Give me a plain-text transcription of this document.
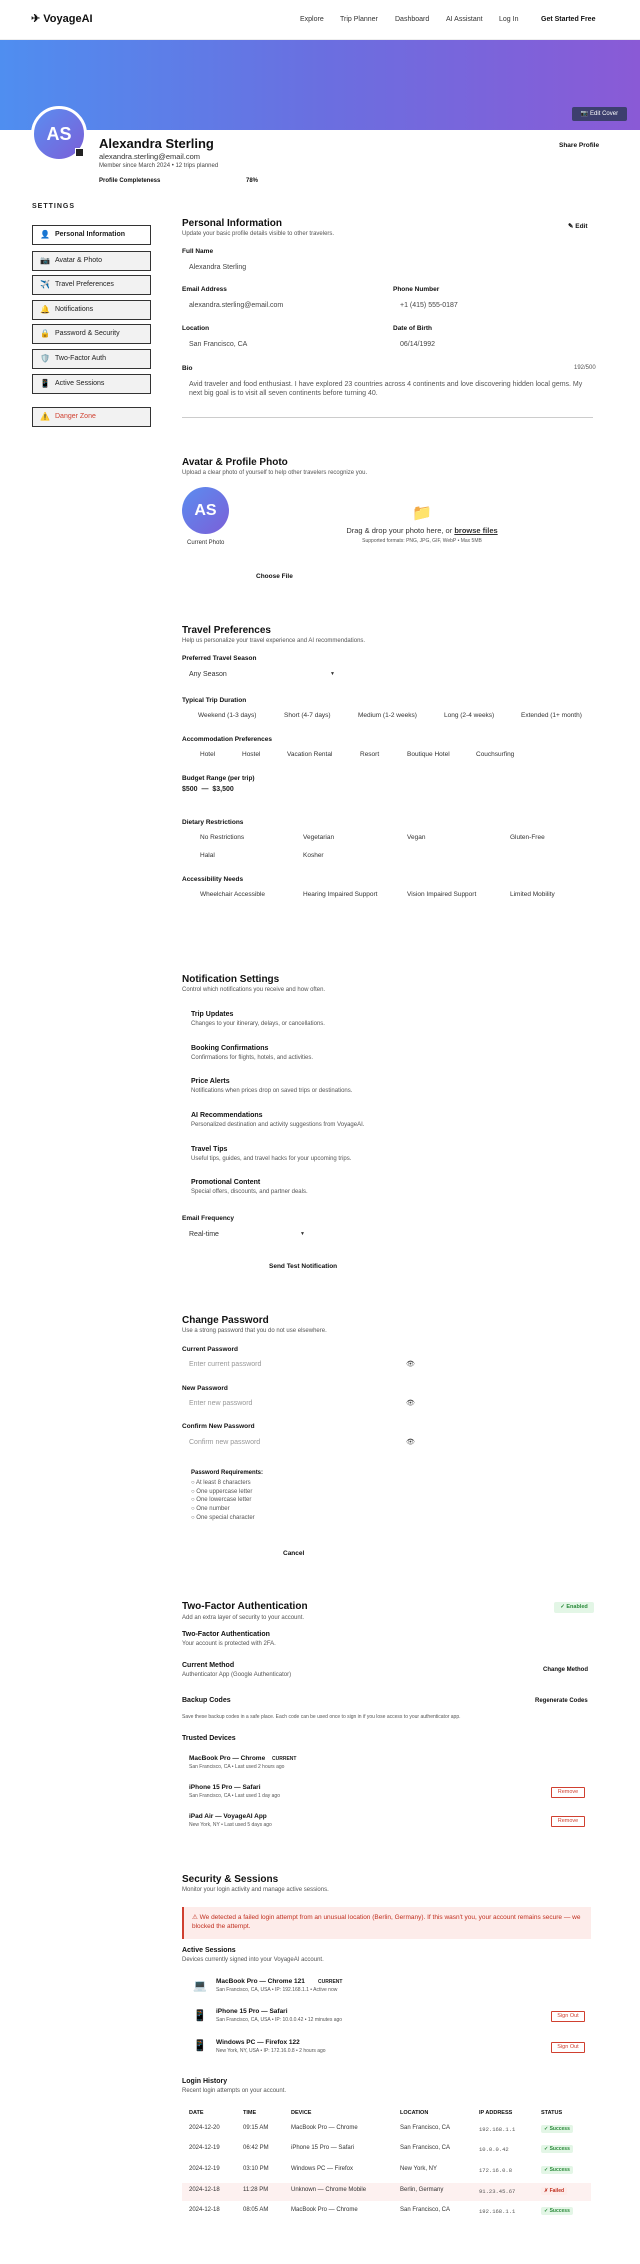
✈ VoyageAI	Explore Trip Planner Dashboard AI Assistant Log In	Get Started Free
📷 Edit Cover
AS	Alexandra Sterling
alexandra.sterling@email.com
Member since March 2024 • 12 trips planned
Profile Completeness	78%
Share Profile
SETTINGS
👤 Personal Information
📷 Avatar & Photo
✈️ Travel Preferences
🔔 Notifications
🔒 Password & Security
🛡️ Two-Factor Auth
📱 Active Sessions
⚠️ Danger Zone
Personal Information
Update your basic profile details visible to other travelers.
✎ Edit
Full Name
Alexandra Sterling
Email Address
alexandra.sterling@email.com
Phone Number
+1 (415) 555-0187
Location
San Francisco, CA
Date of Birth
06/14/1992
Bio	192/500
Avid traveler and food enthusiast. I have explored 23 countries across 4 continents and love discovering hidden local gems. My next big goal is to visit all seven continents before turning 40.
Avatar & Profile Photo
Upload a clear photo of yourself to help other travelers recognize you.
AS
Current Photo
📁
Drag & drop your photo here, or browse files
Supported formats: PNG, JPG, GIF, WebP • Max 5MB
Choose File
Travel Preferences
Help us personalize your travel experience and AI recommendations.
Preferred Travel Season
Any Season	▼
Typical Trip Duration
Weekend (1-3 days)	Short (4-7 days)	Medium (1-2 weeks)	Long (2-4 weeks)	Extended (1+ month)
Accommodation Preferences
Hotel	Hostel	Vacation Rental	Resort	Boutique Hotel	Couchsurfing
Budget Range (per trip)
$500 — $3,500
Dietary Restrictions
No Restrictions	Vegetarian	Vegan	Gluten-Free
Halal	Kosher
Accessibility Needs
Wheelchair Accessible	Hearing Impaired Support	Vision Impaired Support	Limited Mobility
Notification Settings
Control which notifications you receive and how often.
Trip Updates
Changes to your itinerary, delays, or cancellations.
Booking Confirmations
Confirmations for flights, hotels, and activities.
Price Alerts
Notifications when prices drop on saved trips or destinations.
AI Recommendations
Personalized destination and activity suggestions from VoyageAI.
Travel Tips
Useful tips, guides, and travel hacks for your upcoming trips.
Promotional Content
Special offers, discounts, and partner deals.
Email Frequency
Real-time	▼
Send Test Notification
Change Password
Use a strong password that you do not use elsewhere.
Current Password
Enter current password	👁
New Password
Enter new password	👁
Confirm New Password
Confirm new password	👁
Password Requirements:
○ At least 8 characters
○ One uppercase letter
○ One lowercase letter
○ One number
○ One special character
Cancel
Two-Factor Authentication
Add an extra layer of security to your account.
✓ Enabled
Two-Factor Authentication
Your account is protected with 2FA.
Current Method
Authenticator App (Google Authenticator)
Change Method
Backup Codes	Regenerate Codes
Save these backup codes in a safe place. Each code can be used once to sign in if you lose access to your authenticator app.
Trusted Devices
MacBook Pro — Chrome CURRENT
San Francisco, CA • Last used 2 hours ago
iPhone 15 Pro — Safari
San Francisco, CA • Last used 1 day ago
Remove
iPad Air — VoyageAI App
New York, NY • Last used 5 days ago
Remove
Security & Sessions
Monitor your login activity and manage active sessions.
⚠ We detected a failed login attempt from an unusual location (Berlin, Germany). If this wasn't you, your account remains secure — we blocked the attempt.
Active Sessions
Devices currently signed into your VoyageAI account.
💻 MacBook Pro — Chrome 121	CURRENT
San Francisco, CA, USA • IP: 192.168.1.1 • Active now
📱 iPhone 15 Pro — Safari
San Francisco, CA, USA • IP: 10.0.0.42 • 12 minutes ago
Sign Out
📱 Windows PC — Firefox 122
New York, NY, USA • IP: 172.16.0.8 • 2 hours ago
Sign Out
Login History
Recent login attempts on your account.
DATE	TIME	DEVICE	LOCATION	IP ADDRESS	STATUS
2024-12-20	09:15 AM	MacBook Pro — Chrome	San Francisco, CA	192.168.1.1	✓ Success
2024-12-19	06:42 PM	iPhone 15 Pro — Safari	San Francisco, CA	10.0.0.42	✓ Success
2024-12-19	03:10 PM	Windows PC — Firefox	New York, NY	172.16.0.8	✓ Success
2024-12-18	11:28 PM	Unknown — Chrome Mobile	Berlin, Germany	91.23.45.67	✗ Failed
2024-12-18	08:05 AM	MacBook Pro — Chrome	San Francisco, CA	192.168.1.1	✓ Success
